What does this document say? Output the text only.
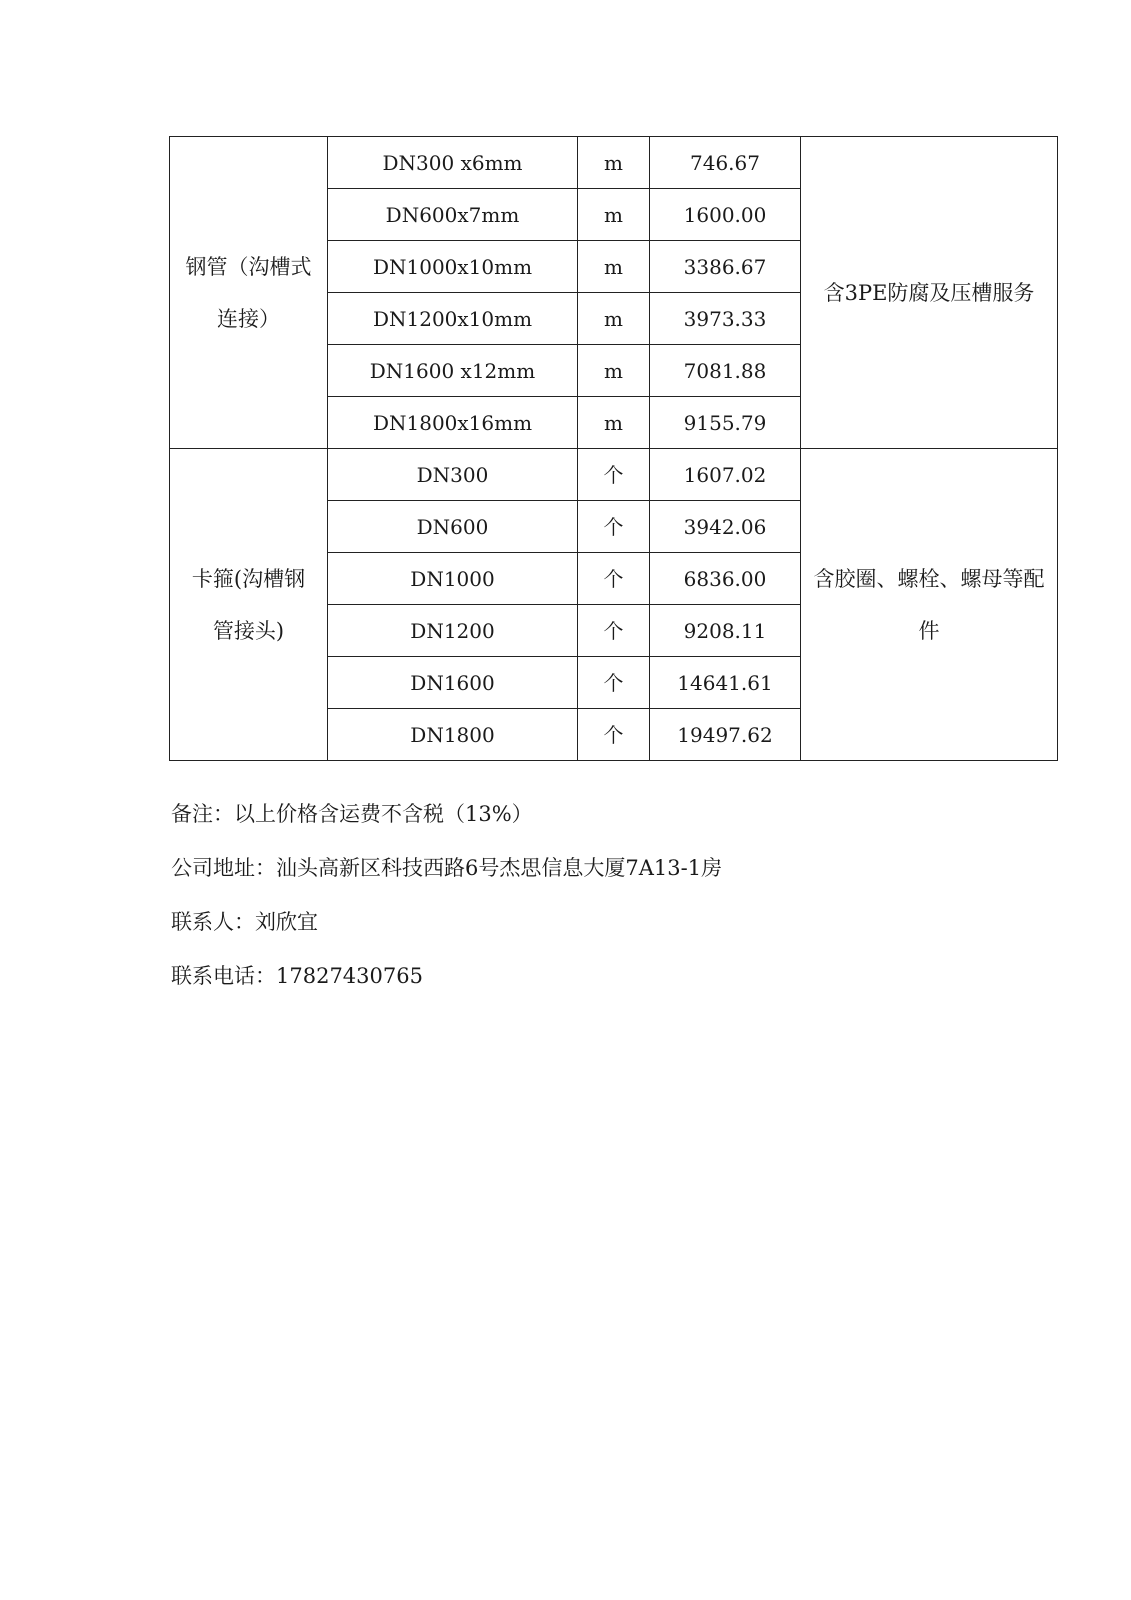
钢管（沟槽式连接）	DN300 x6mm	m	746.67	含3PE防腐及压槽服务
	DN600x7mm	m	1600.00	
	DN1000x10mm	m	3386.67	
	DN1200x10mm	m	3973.33	
	DN1600 x12mm	m	7081.88	
	DN1800x16mm	m	9155.79	
卡箍(沟槽钢管接头)	DN300	个	1607.02	含胶圈、螺栓、螺母等配件
	DN600	个	3942.06	
	DN1000	个	6836.00	
	DN1200	个	9208.11	
	DN1600	个	14641.61	
	DN1800	个	19497.62	

备注：以上价格含运费不含税（13%）

公司地址：汕头高新区科技西路6号杰思信息大厦7A13-1房

联系人：刘欣宜

联系电话：17827430765
